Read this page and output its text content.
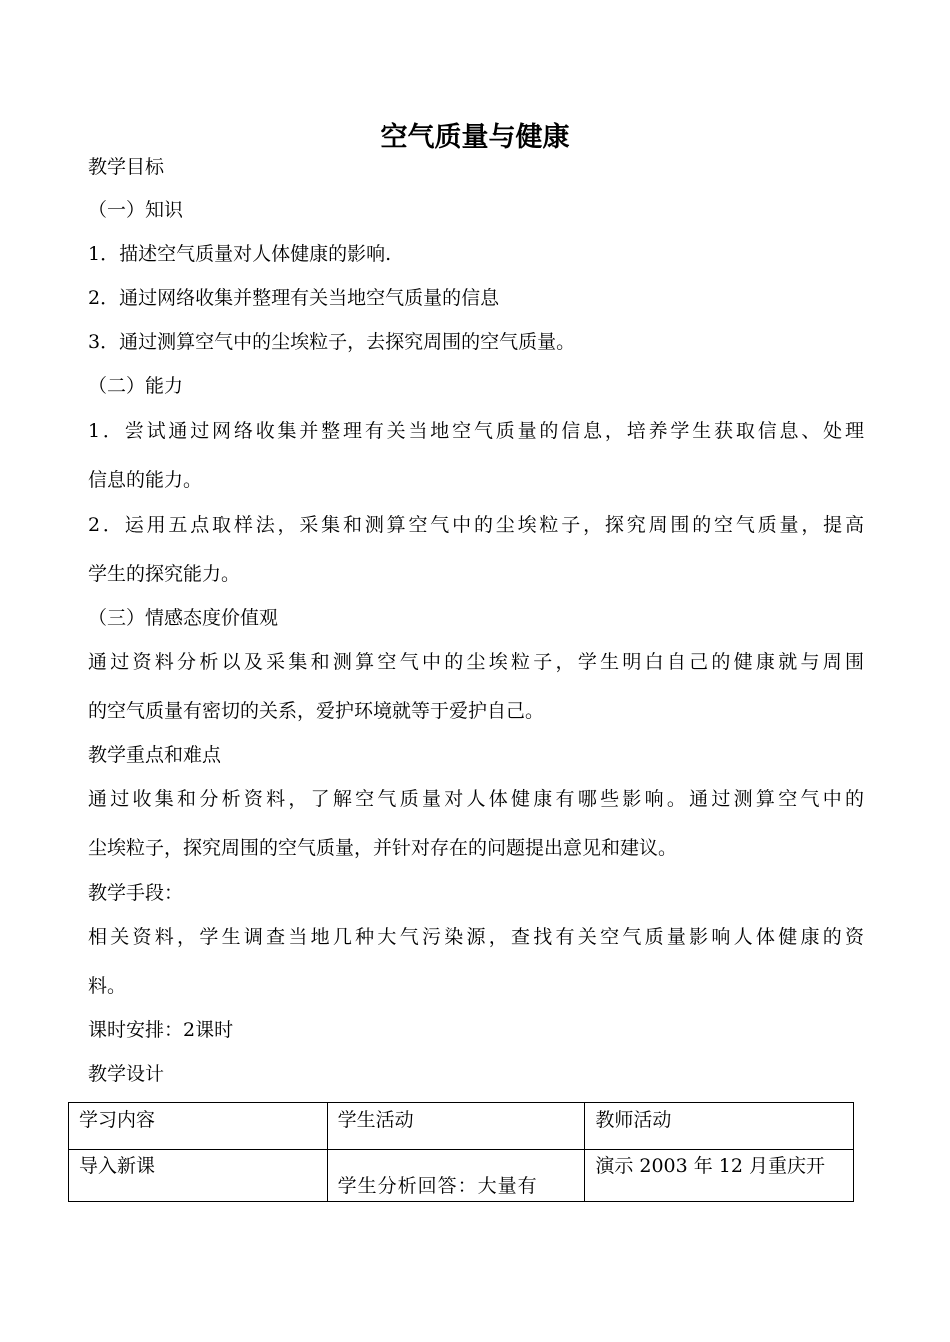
空气质量与健康
教学目标
（一）知识
1．描述空气质量对人体健康的影响.
2．通过网络收集并整理有关当地空气质量的信息
3．通过测算空气中的尘埃粒子，去探究周围的空气质量。
（二）能力
1．尝试通过网络收集并整理有关当地空气质量的信息，培养学生获取信息、处理
信息的能力。
2．运用五点取样法，采集和测算空气中的尘埃粒子，探究周围的空气质量，提高
学生的探究能力。
（三）情感态度价值观
通过资料分析以及采集和测算空气中的尘埃粒子，学生明白自己的健康就与周围
的空气质量有密切的关系，爱护环境就等于爱护自己。
教学重点和难点
通过收集和分析资料，了解空气质量对人体健康有哪些影响。通过测算空气中的
尘埃粒子，探究周围的空气质量，并针对存在的问题提出意见和建议。
教学手段：
相关资料，学生调查当地几种大气污染源，查找有关空气质量影响人体健康的资
料。
课时安排：2课时
教学设计
学习内容	学生活动	教师活动
导入新课	学生分析回答：大量有	演示 2003 年 12 月重庆开
